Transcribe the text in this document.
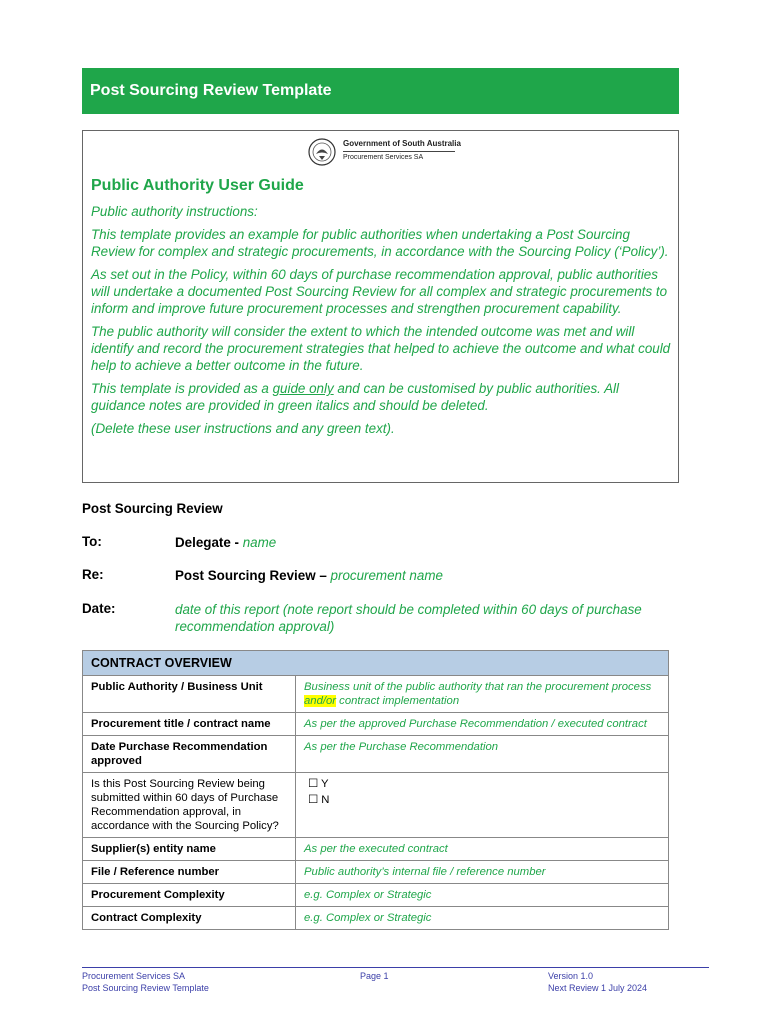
Post Sourcing Review Template
Government of South Australia
Procurement Services SA
Public Authority User Guide

Public authority instructions:

This template provides an example for public authorities when undertaking a Post Sourcing Review for complex and strategic procurements, in accordance with the Sourcing Policy (‘Policy’).

As set out in the Policy, within 60 days of purchase recommendation approval, public authorities will undertake a documented Post Sourcing Review for all complex and strategic procurements to inform and improve future procurement processes and strengthen procurement capability.

The public authority will consider the extent to which the intended outcome was met and will identify and record the procurement strategies that helped to achieve the outcome and what could help to achieve a better outcome in the future.

This template is provided as a guide only and can be customised by public authorities. All guidance notes are provided in green italics and should be deleted.

(Delete these user instructions and any green text).

Post Sourcing Review
To:	Delegate - name
Re:	Post Sourcing Review – procurement name
Date:	date of this report (note report should be completed within 60 days of purchase recommendation approval)
CONTRACT OVERVIEW	
Public Authority / Business Unit	Business unit of the public authority that ran the procurement process and/or contract implementation
Procurement title / contract name	As per the approved Purchase Recommendation / executed contract
Date Purchase Recommendation approved	As per the Purchase Recommendation
Is this Post Sourcing Review being submitted within 60 days of Purchase Recommendation approval, in accordance with the Sourcing Policy?	☐ Y
☐ N

Supplier(s) entity name	As per the executed contract
File / Reference number	Public authority’s internal file / reference number
Procurement Complexity	e.g. Complex or Strategic
Contract Complexity	e.g. Complex or Strategic
Procurement Services SA
Post Sourcing Review Template
Page 1	Version 1.0
Next Review 1 July 2024
